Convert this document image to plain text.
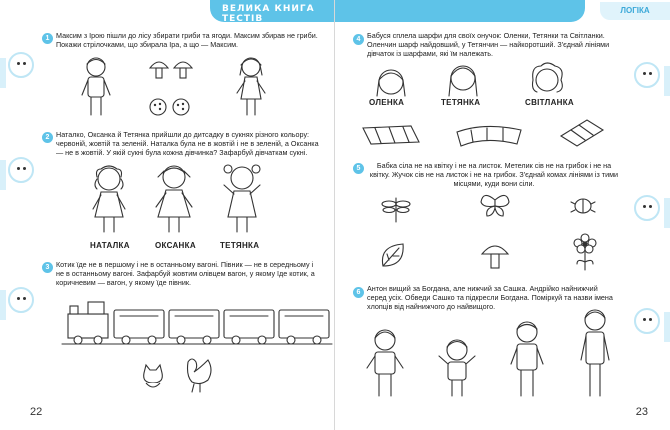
ВЕЛИКА КНИГА ТЕСТІВ
1 Максим з Ірою пішли до лісу збирати гриби та ягоди. Максим збирав не гриби. Покажи стрілочками, що збирала Іра, а що — Максим.
2 Наталко, Оксанка й Тетянка прийшли до дитсадку в сукнях різного кольору: червоній, жовтій та зеленій. Наталка була не в жовтій і не в зеленій, а Оксанка — не в жовтій. У якій сукні була кожна дівчинка? Зафарбуй дівчаткам сукні.
НАТАЛКА	ОКСАНКА	ТЕТЯНКА
3 Котик їде не в першому і не в останньому вагоні. Півник — не в середньому і не в останньому вагоні. Зафарбуй жовтим олівцем вагон, у якому їде котик, а коричневим — вагон, у якому їде півник.
22
ЛОГІКА
4 Бабуся сплела шарфи для своїх онучок: Оленки, Тетянки та Світланки. Оленчин шарф найдовший, у Тетянчин — найкоротший. З'єднай лініями дівчаток із шарфами, які їм належать.
ОЛЕНКА	ТЕТЯНКА	СВІТЛАНКА
5	Бабка сіла не на квітку і не на листок. Метелик сів не на грибок і не на квітку. Жучок сів не на листок і не на грибок. З'єднай комах лініями із тими місцями, куди вони сіли.
6 Антон вищий за Богдана, але нижчий за Сашка. Андрійко найнижчий серед усіх. Обведи Сашко та підкресли Богдана. Поміркуй та назви імена хлопців від найнижчого до найвищого.
23
